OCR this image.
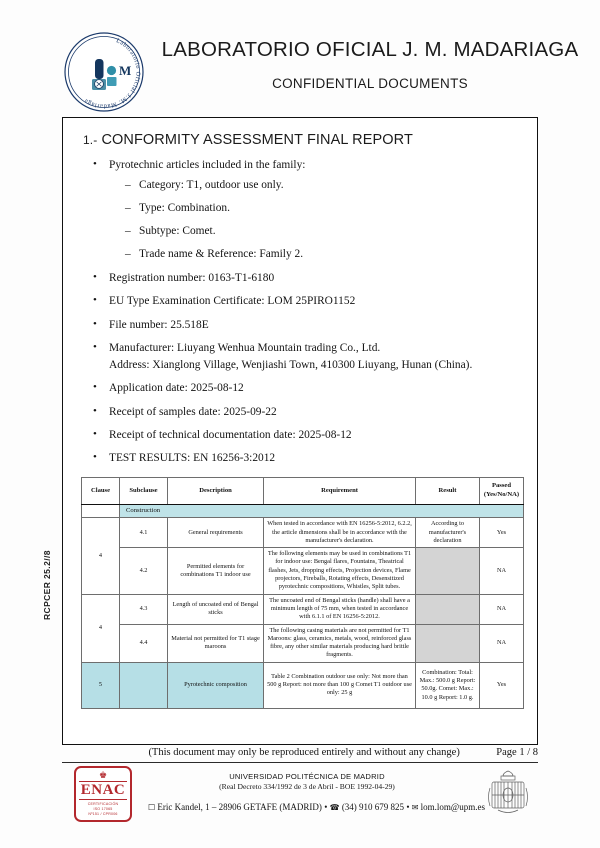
Laboratorio Oficial J.M. Madariaga
M
LABORATORIO OFICIAL J. M. MADARIAGA
CONFIDENTIAL DOCUMENTS
RCPCER 25.2//8
1.- CONFORMITY ASSESSMENT FINAL REPORT
• Pyrotechnic articles included in the family:
– Category: T1, outdoor use only.
– Type: Combination.
– Subtype: Comet.
– Trade name & Reference: Family 2.
• Registration number: 0163-T1-6180
• EU Type Examination Certificate: LOM 25PIRO1152
• File number: 25.518E
• Manufacturer: Liuyang Wenhua Mountain trading Co., Ltd.
Address: Xianglong Village, Wenjiashi Town, 410300 Liuyang, Hunan (China).
• Application date: 2025-08-12
• Receipt of samples date: 2025-09-22
• Receipt of technical documentation date: 2025-08-12
• TEST RESULTS: EN 16256-3:2012
Clause	Subclause	Description	Requirement	Result	Passed
(Yes/No/NA)

	Construction				
4	4.1	General requirements	When tested in accordance with EN 16256-5:2012, 6.2.2, the article dimensions shall be in accordance with the manufacturer's declaration.	According to manufacturer's declaration	Yes
	4.2	Permitted elements for combinations T1 indoor use	The following elements may be used in combinations T1 for indoor use: Bengal flares, Fountains, Theatrical flashes, Jets, dropping effects, Projection devices, Flame projectors, Fireballs, Rotating effects, Desensitized pyrotechnic compositions, Whistles, Split tubes.		NA
4	4.3	Length of uncoated end of Bengal sticks	The uncoated end of Bengal sticks (handle) shall have a minimum length of 75 mm, when tested in accordance with 6.1.1 of EN 16256-5:2012.		NA
	4.4	Material not permitted for T1 stage maroons	The following casing materials are not permitted for T1 Maroons: glass, ceramics, metals, wood, reinforced glass fibre, any other similar materials producing hard brittle fragments.		NA
5		Pyrotechnic composition	Table 2 Combination outdoor use only: Not more than 500 g Report: not more than 100 g Comet T1 outdoor use only: 25 g	Combination: Total: Max.: 500.0 g Report: 50.0g. Comet: Max.: 10.0 g Report: 1.0 g.	Yes
(This document may only be reproduced entirely and without any change)	Page 1 / 8
♚
ENAC
CERTIFICACIÓN
ISO 17065
Nº151 / CPR006
UNIVERSIDAD POLITÉCNICA DE MADRID
(Real Decreto 334/1992 de 3 de Abril - BOE 1992-04-29)
☐ Eric Kandel, 1 – 28906 GETAFE (MADRID) • ☎ (34) 910 679 825 • ✉ lom.lom@upm.es
